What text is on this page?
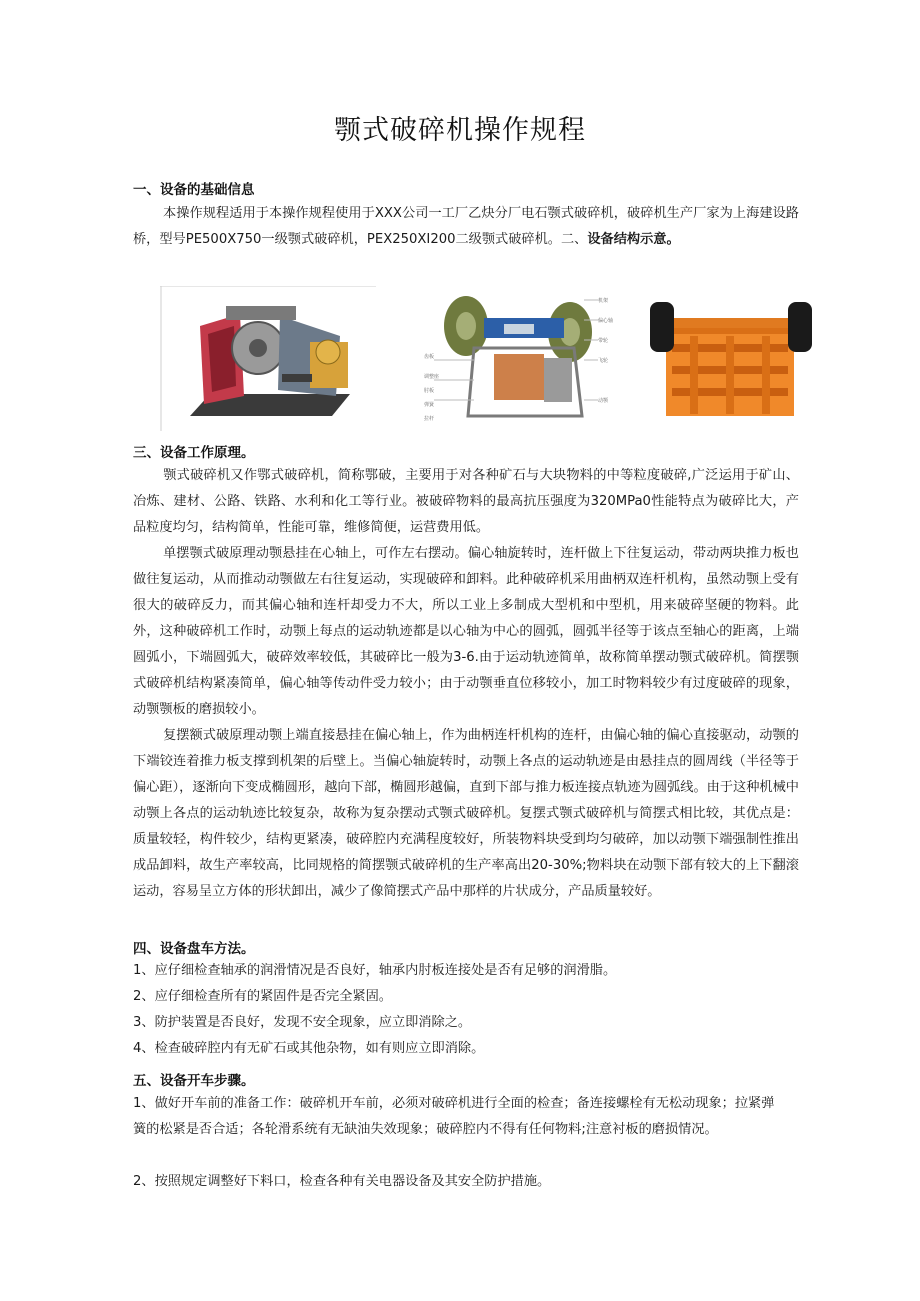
颚式破碎机操作规程
一、设备的基础信息
本操作规程适用于本操作规程使用于XXX公司一工厂乙炔分厂电石颚式破碎机，破碎机生产厂家为上海建设路桥，型号PE500X750一级颚式破碎机，PEX250XI200二级颚式破碎机。二、设备结构示意。
机架
偏心轴
带轮
飞轮
动颚
齿板
调整座
肘板
弹簧
拉杆
三、设备工作原理。
颚式破碎机又作鄂式破碎机，简称鄂破，主要用于对各种矿石与大块物料的中等粒度破碎,广泛运用于矿山、冶炼、建材、公路、铁路、水利和化工等行业。被破碎物料的最高抗压强度为320MPa0性能特点为破碎比大，产品粒度均匀，结构简单，性能可靠，维修简便，运营费用低。
单摆颚式破原理动颚悬挂在心轴上，可作左右摆动。偏心轴旋转时，连杆做上下往复运动，带动两块推力板也做往复运动，从而推动动颚做左右往复运动，实现破碎和卸料。此种破碎机采用曲柄双连杆机构，虽然动颚上受有很大的破碎反力，而其偏心轴和连杆却受力不大，所以工业上多制成大型机和中型机，用来破碎坚硬的物料。此外，这种破碎机工作时，动颚上每点的运动轨迹都是以心轴为中心的圆弧，圆弧半径等于该点至轴心的距离，上端圆弧小，下端圆弧大，破碎效率较低，其破碎比一般为3-6.由于运动轨迹简单，故称简单摆动颚式破碎机。简摆颚式破碎机结构紧凑简单，偏心轴等传动件受力较小；由于动颚垂直位移较小，加工时物料较少有过度破碎的现象，动颚颚板的磨损较小。
复摆额式破原理动颚上端直接悬挂在偏心轴上，作为曲柄连杆机构的连杆，由偏心轴的偏心直接驱动，动颚的下端铰连着推力板支撑到机架的后壁上。当偏心轴旋转时，动颚上各点的运动轨迹是由悬挂点的圆周线（半径等于偏心距），逐渐向下变成椭圆形，越向下部，椭圆形越偏，直到下部与推力板连接点轨迹为圆弧线。由于这种机械中动颚上各点的运动轨迹比较复杂，故称为复杂摆动式颚式破碎机。复摆式颚式破碎机与简摆式相比较，其优点是：质量较轻，构件较少，结构更紧凑，破碎腔内充满程度较好，所装物料块受到均匀破碎，加以动颚下端强制性推出成品卸料，故生产率较高，比同规格的简摆颚式破碎机的生产率高出20-30%;物料块在动颚下部有较大的上下翻滚运动，容易呈立方体的形状卸出，减少了像简摆式产品中那样的片状成分，产品质量较好。
四、设备盘车方法。
1、应仔细检查轴承的润滑情况是否良好，轴承内肘板连接处是否有足够的润滑脂。
2、应仔细检查所有的紧固件是否完全紧固。
3、防护装置是否良好，发现不安全现象，应立即消除之。
4、检查破碎腔内有无矿石或其他杂物，如有则应立即消除。
五、设备开车步骤。
1、做好开车前的准备工作：破碎机开车前，必须对破碎机进行全面的检查；备连接螺栓有无松动现象；拉紧弹簧的松紧是否合适；各轮滑系统有无缺油失效现象；破碎腔内不得有任何物料;注意衬板的磨损情况。
2、按照规定调整好下料口，检查各种有关电器设备及其安全防护措施。
